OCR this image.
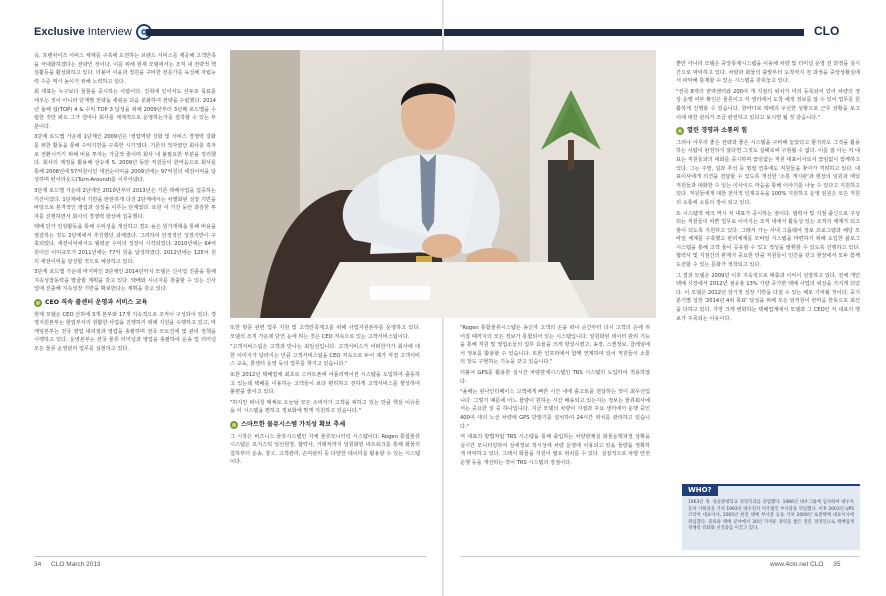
Exclusive Interview	CLO

속, 프랜차이즈 서비스 체제를 구축해 도전하는 브랜드 서비스를 제공해 고객만족을 극대화하겠다는 전략인 것이다. 이를 위해 현재 모델에서는 조직 내 전략적 핵심활동을 활성화하고 있다. 더불어 이윤과 정원을 구비한 전문가를 육성해 자립능력 수준 역시 높이기 위해 노력하고 있다.

회 대표는 누구보다 꿈꿈을 중시하는 사람이다. 진취에 있어서도 선두로 목표를 세우는 것이 아니라 단계별 전략을 세워둔 다음 분화하여 전략을 수립했다. 2014년 올해 탑(TOP) 4 & 수익 TOP 3 달성을 위해 2009년부터 3년째 로드맵을 수립한 것만 봐도 그가 얼마나 회사를 체계적으로 운영하는가를 짐작할 수 있는 부분이다.

3단계 로드맵 가운데 1단계인 2009년은 '영업역량 강화 및 서비스 경쟁력 강화를 위한 활동을 통해 수익기반을 구축한 시기'였다. 기존의 적자였던 회사를 흑자로 전환시키기 위해 비용 투자는 가급적 줄이며 회사 내 불필요한 부분을 정리했다. 회사의 재정을 활용해 상승세 5. 2009년 동안 직원들이 한마음으로 회사를 통해 2008년에 57억원이던 세전순이익을 2009년에는 97억원의 세전이익을 달성하며 턴어라운드(Turn-Around)를 이루어냈다.

3단계 로드맵 가운데 2단계인 2010년부터 2013년은 기존 택배사업을 집중하는 기간이었다. 1단계에서 기반을 탄탄하게 다진 2단계에서는 차별화된 성장 기반을 바탕으로 본격적인 영업과 성장을 이루는 단계였다. 또한 이 기간 동안 과감한 투자를 진행하면서 회사의 경쟁력 향상에 집중했다.

택배 단가 인상활동을 통해 수익성을 개선하고 결도 높은 원가개혁을 통해 비용을 절감하는 것도 2단계에서 추진했던 과제였다. 그리하여 안정적인 성장기반이 구축되었다. 세전이익에서도 월평균 수익의 성장이 시작되었다. 2010년에는 64억 원이던 이익규모가 2011년에는 77억 원을 달성하였다. 2012년에는 125억 원의 세전이익을 달성할 것으로 예상하고 있다.

3단계 로드맵 가운데 마지막인 3단계인 2014년까지 모델은 신사업 진출을 통해 지속성장동력을 발굴할 계획을 갖고 있다. 택배와 시너지를 창출할 수 있는 신사업에 진출해 지속성장 기반을 확보한다는 계획을 갖고 있다.

CEO 직속 콜센터 운영과 서비스 교육

현재 모델은 CEO 산하에 3개 본부와 17개 지속적으로 조직이 구성되어 있다. 경영지원본부는 현업부서의 원활한 사업을 진행하기 위해 지원을 수행하고 있고, 마케팅본부는 전국 영업 대리점과 영업을 총괄하며 전국 모토진에 및 관리 정책을 시행하고 있다. 운영본부는 전국 물류 터미널과 영업을 총괄하여 운송 및 터미널 모든 물류 운영관리 업무를 실현하고 있다.

또한 방문 관련 업무 지원 및 고객만족제고를 위해 사업지원본부를 운영하고 있다. 모델의 조직 가운데 단연 눈에 띄는 것은 CEO 직속으로 있는 고객서비스팀이다.

"고객서비스팀은 고객과 만나는 최일선입니다. 고객서비스가 어떠한가가 회사에 대한 이미지가 달라지는 만큼 고객서비스팀을 CEO 직속으로 두어 제가 직접 고객서비스 교육, 콜센터 운영 등의 업무를 챙기고 있습니다."

또한 2012년 택배업체 최초로 스마트폰에 어플리케이션 시스템을 도입하여 출동하고 있는데 택배를 이용하는 고객들이 보다 편리하고 전하게 고객서비스를 향상하여 불편을 줄이고 있다.

"하지만 퍼니칭 매체로 오늘날 모든 소비자가 고객을 위하고 있는 만큼 핵심 이슈들을 이 시스템을 편하고 정보화에 맞게 지원하고 있습니다."

스마트한 물류시스템 가치성 확보 추세

그 시작은 비즈니스 물류시스템인 자체 물류모니터링 시스템이다. Rogen 통합물류시스템은 로지스틱 일선현장, 협력사, 거래처까지 일원화된 네트워크를 통해 화물의 집하부터 운송, 창고, 고객관리, 손익관리 등 다양한 데이터를 활용할 수 있는 시스템이다.

"Rogen 통합물류시스템은 송신자 고객의 손을 떠나 순간부터 다시 고객의 손에 쥐어질 때까지의 모든 정보가 통합되어 있는 시스템입니다. 일원화된 데이터 관리 기능을 통해 직원 및 영업소들의 업무 효율을 크게 향상시켰고, 송장, 스캔정보, 클레임에서 정보를 활용할 수 있습니다. 또한 인프라에서 함께 연계하여 있어 직원들이 소통의 장도 구현하는 기능을 갖고 있습니다."

더불어 GPS를 활용한 실시간 차량관제시스템인 TRS 시스템의 도입하여 적용하였다.

"올해는 윈나인터페이스 고객에게 빠른 시간 내에 출고로를 전달하는 것이 최우선입니다. 그렇기 때문에 어느 물량이 원하는 시간 배송되고 있는지는 정보는 물류회사에서는 중요한 일 중 하나입니다. 지금 모델의 차량이 지점과 주요 센터에서 운행 중인 400여 대의 노선 차량에 GPS 단말기를 설치하여 24시간 위치를 관리하고 있습니다."

저 대표의 방법처럼 TRS 시스템을 통해 출입하는 차량관제실 화물운행과정 상황을 실시간 모니터링하여 상세정보 적시성에 차량 운영에 이용되고 있을 물량을 정확하게 파악하고 있다. 그래서 화물을 지원이 필요 위치를 수 있다. 실질적으로 차량 안전운행 등을 개선하는 것이 TRS 시스템의 장점이다.

뿐만 아니라 모델은 중앙통제시스템을 이용해 차량 및 터미널 운영 전 과정을 실시간으로 파악하고 있다. 차량과 화물의 출발부터 도착까지 전 과정을 중앙상황실에서 파악해 통제할 수 있는 시스템을 갖춰놓고 있다.

"전국 8개의 권역센터와 200여 개 지점의 위치가 미리 등록되어 있어 차량의 정상 운행 여부 확인은 물론이고 각 센터에서 도착 예정 정보를 알 수 있어 업무를 원활하게 진행할 수 있습니다. 한마디로 택배의 우선한 상황으로 근무 상황을 보고 이에 대한 관리가 조금 완전하고 있다고 보시면 될 것 같습니다."

열린 경영과 소통의 힘

그러나 아무리 좋은 전략과 좋은 시스템을 구비해 놓았다고 할지라도 그것을 활용하는 사람이 완전하지 않다면 그것도 실패로써 구현될 수 없다. 이를 잘 아는 저 대표는 직원들과의 대화를 중시하며 끊임없는 직원 대표이사로서 끊임없이 함께하고 있다. 그는 주말, 설과 추석 등 명절 연휴에도 직원들을 찾아가 격려하고 있다. 대표이사에게 의견을 전달할 수 있도록 개선한 '소통 게시판'과 현장의 임원과 매일 직원들과 대화한 수 있는 이사이드 마음을 통해 이야기를 나눌 수 있다고 지원하고 있다. 직원들에게 대한 전사적 인재교육을 100% 지원하고 운영 임원은 모든 직원의 소통에 소통의 장이 되고 있다.

또 시스템적 체크 역시 저 대표가 중시하는 점이다. 협력사 및 지점 출신으로 구성되는 직원들이 바쁜 업무로 이어지는 조직 내에서 활동성 있는 조직의 체계가 되고 물이 되도록 지원하고 있다. 그래서 가는 사내 그룹웨어 정보 프로그램과 해당 모바일 체계를 구축했고 관리체계를 모바일 시스템을 마련하기 위해 도입한 블로그 시스템을 통해 고객 물이 공유할 수 있고 적성을 발휘할 수 있도록 진행하고 있다. 협력사 및 지점간의 관계가 중요한 만큼 직원들이 인간을 갖고 현장에서 모두 함께 도전할 수 있는 문화가 정착되고 있다.

그 결과 모델은 2009년 이후 지속적으로 매출과 이익이 성장하고 있다. 전체 개인 택배 시장에서 2012년 점유율 13% 가량 증가한 택배 사업의 위상을 가지게 되었다. 이 모델은 2012년 장기적 성장 기반을 다질 수 있는 해로 기억될 것이다. 중기 분기별 성장 '2014년 4위 목표' 달성을 위해 모든 임직원이 한마음 한뜻으로 최선을 다하고 있다. 가장 크게 변화하는 택배업계에서 모델과 그 CEO인 저 대표의 행보가 주목되는 이유이다.

WHO?
1963년 생. 성균관대학교 경영학과를 졸업했다. 1986년 대우그룹에 입사하여 대우자동차 기획실을 거쳐 1993년 대우전자 미주법인 부사장을 역임했다. 이후 2003년 UPS 코리아 대표이사, 2005년 한진 택배 부사장 등을 거쳐 2009년 로젠택배 대표이사에 취임했다. 물류와 택배 분야에서 30년 가까운 경력을 쌓은 전문 경영인으로 택배업계 경쟁력 강화와 선진화를 이끌고 있다.
34 CLO March 2013	www.4clo.net CLO 35
